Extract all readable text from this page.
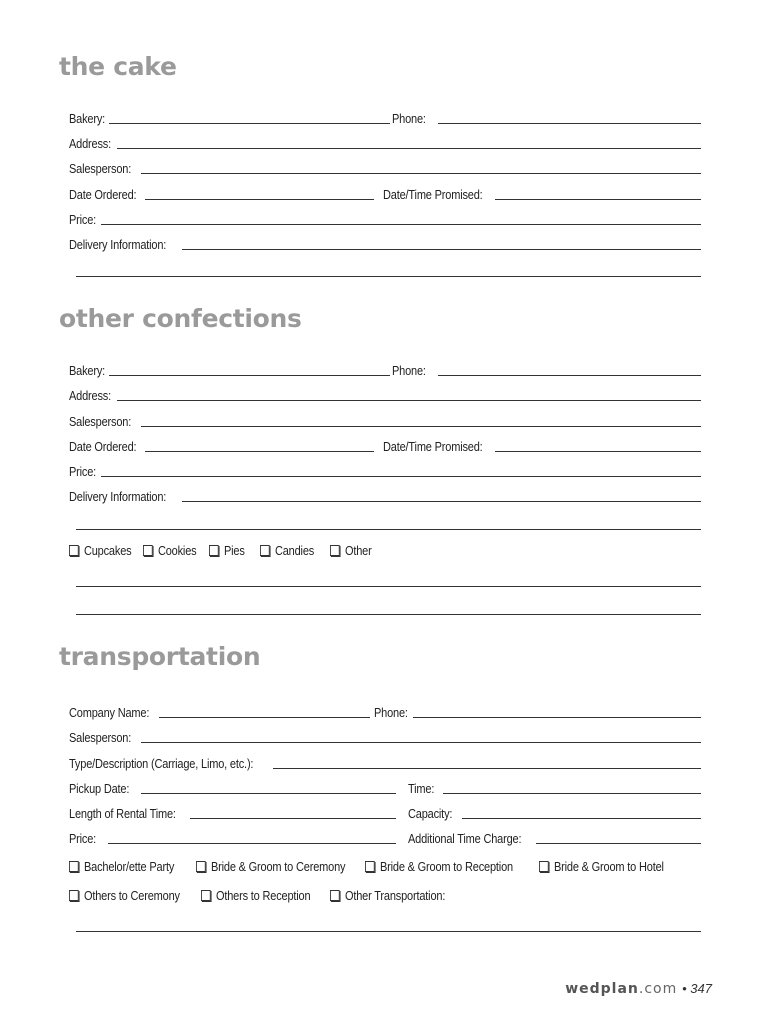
the cake
Bakery:	Phone:
Address:
Salesperson:
Date Ordered:	Date/Time Promised:
Price:
Delivery Information:
other confections
Bakery:	Phone:
Address:
Salesperson:
Date Ordered:	Date/Time Promised:
Price:
Delivery Information:
Cupcakes	Cookies	Pies	Candies	Other
transportation
Company Name:	Phone:
Salesperson:
Type/Description (Carriage, Limo, etc.):
Pickup Date:	Time:
Length of Rental Time:	Capacity:
Price:	Additional Time Charge:
Bachelor/ette Party	Bride & Groom to Ceremony	Bride & Groom to Reception	Bride & Groom to Hotel
Others to Ceremony	Others to Reception	Other Transportation:
wedplan.com • 347
